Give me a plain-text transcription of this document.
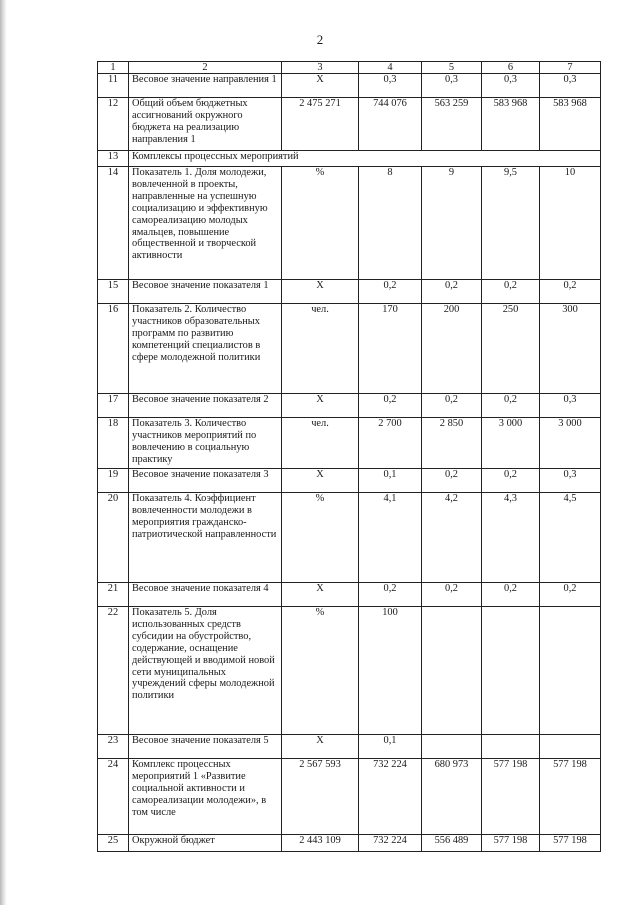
2
1	2	3	4	5	6	7
11	Весовое значение направления 1	X	0,3	0,3	0,3	0,3
12	Общий объем бюджетных ассигнований окружного бюджета на реализацию направления 1	2 475 271	744 076	563 259	583 968	583 968
13	Комплексы процессных мероприятий					
14	Показатель 1. Доля молодежи, вовлеченной в проекты, направленные на успешную социализацию и эффективную самореализацию молодых ямальцев, повышение общественной и творческой активности	%	8	9	9,5	10
15	Весовое значение показателя 1	X	0,2	0,2	0,2	0,2
16	Показатель 2. Количество участников образовательных программ по развитию компетенций специалистов в сфере молодежной политики	чел.	170	200	250	300
17	Весовое значение показателя 2	X	0,2	0,2	0,2	0,3
18	Показатель 3. Количество участников мероприятий по вовлечению в социальную практику	чел.	2 700	2 850	3 000	3 000
19	Весовое значение показателя 3	X	0,1	0,2	0,2	0,3
20	Показатель 4. Коэффициент вовлеченности молодежи в мероприятия гражданско-патриотической направленности	%	4,1	4,2	4,3	4,5
21	Весовое значение показателя 4	X	0,2	0,2	0,2	0,2
22	Показатель 5. Доля использованных средств субсидии на обустройство, содержание, оснащение действующей и вводимой новой сети муниципальных учреждений сферы молодежной политики	%	100			
23	Весовое значение показателя 5	X	0,1			
24	Комплекс процессных мероприятий 1 «Развитие социальной активности и самореализации молодежи», в том числе	2 567 593	732 224	680 973	577 198	577 198
25	Окружной бюджет	2 443 109	732 224	556 489	577 198	577 198
